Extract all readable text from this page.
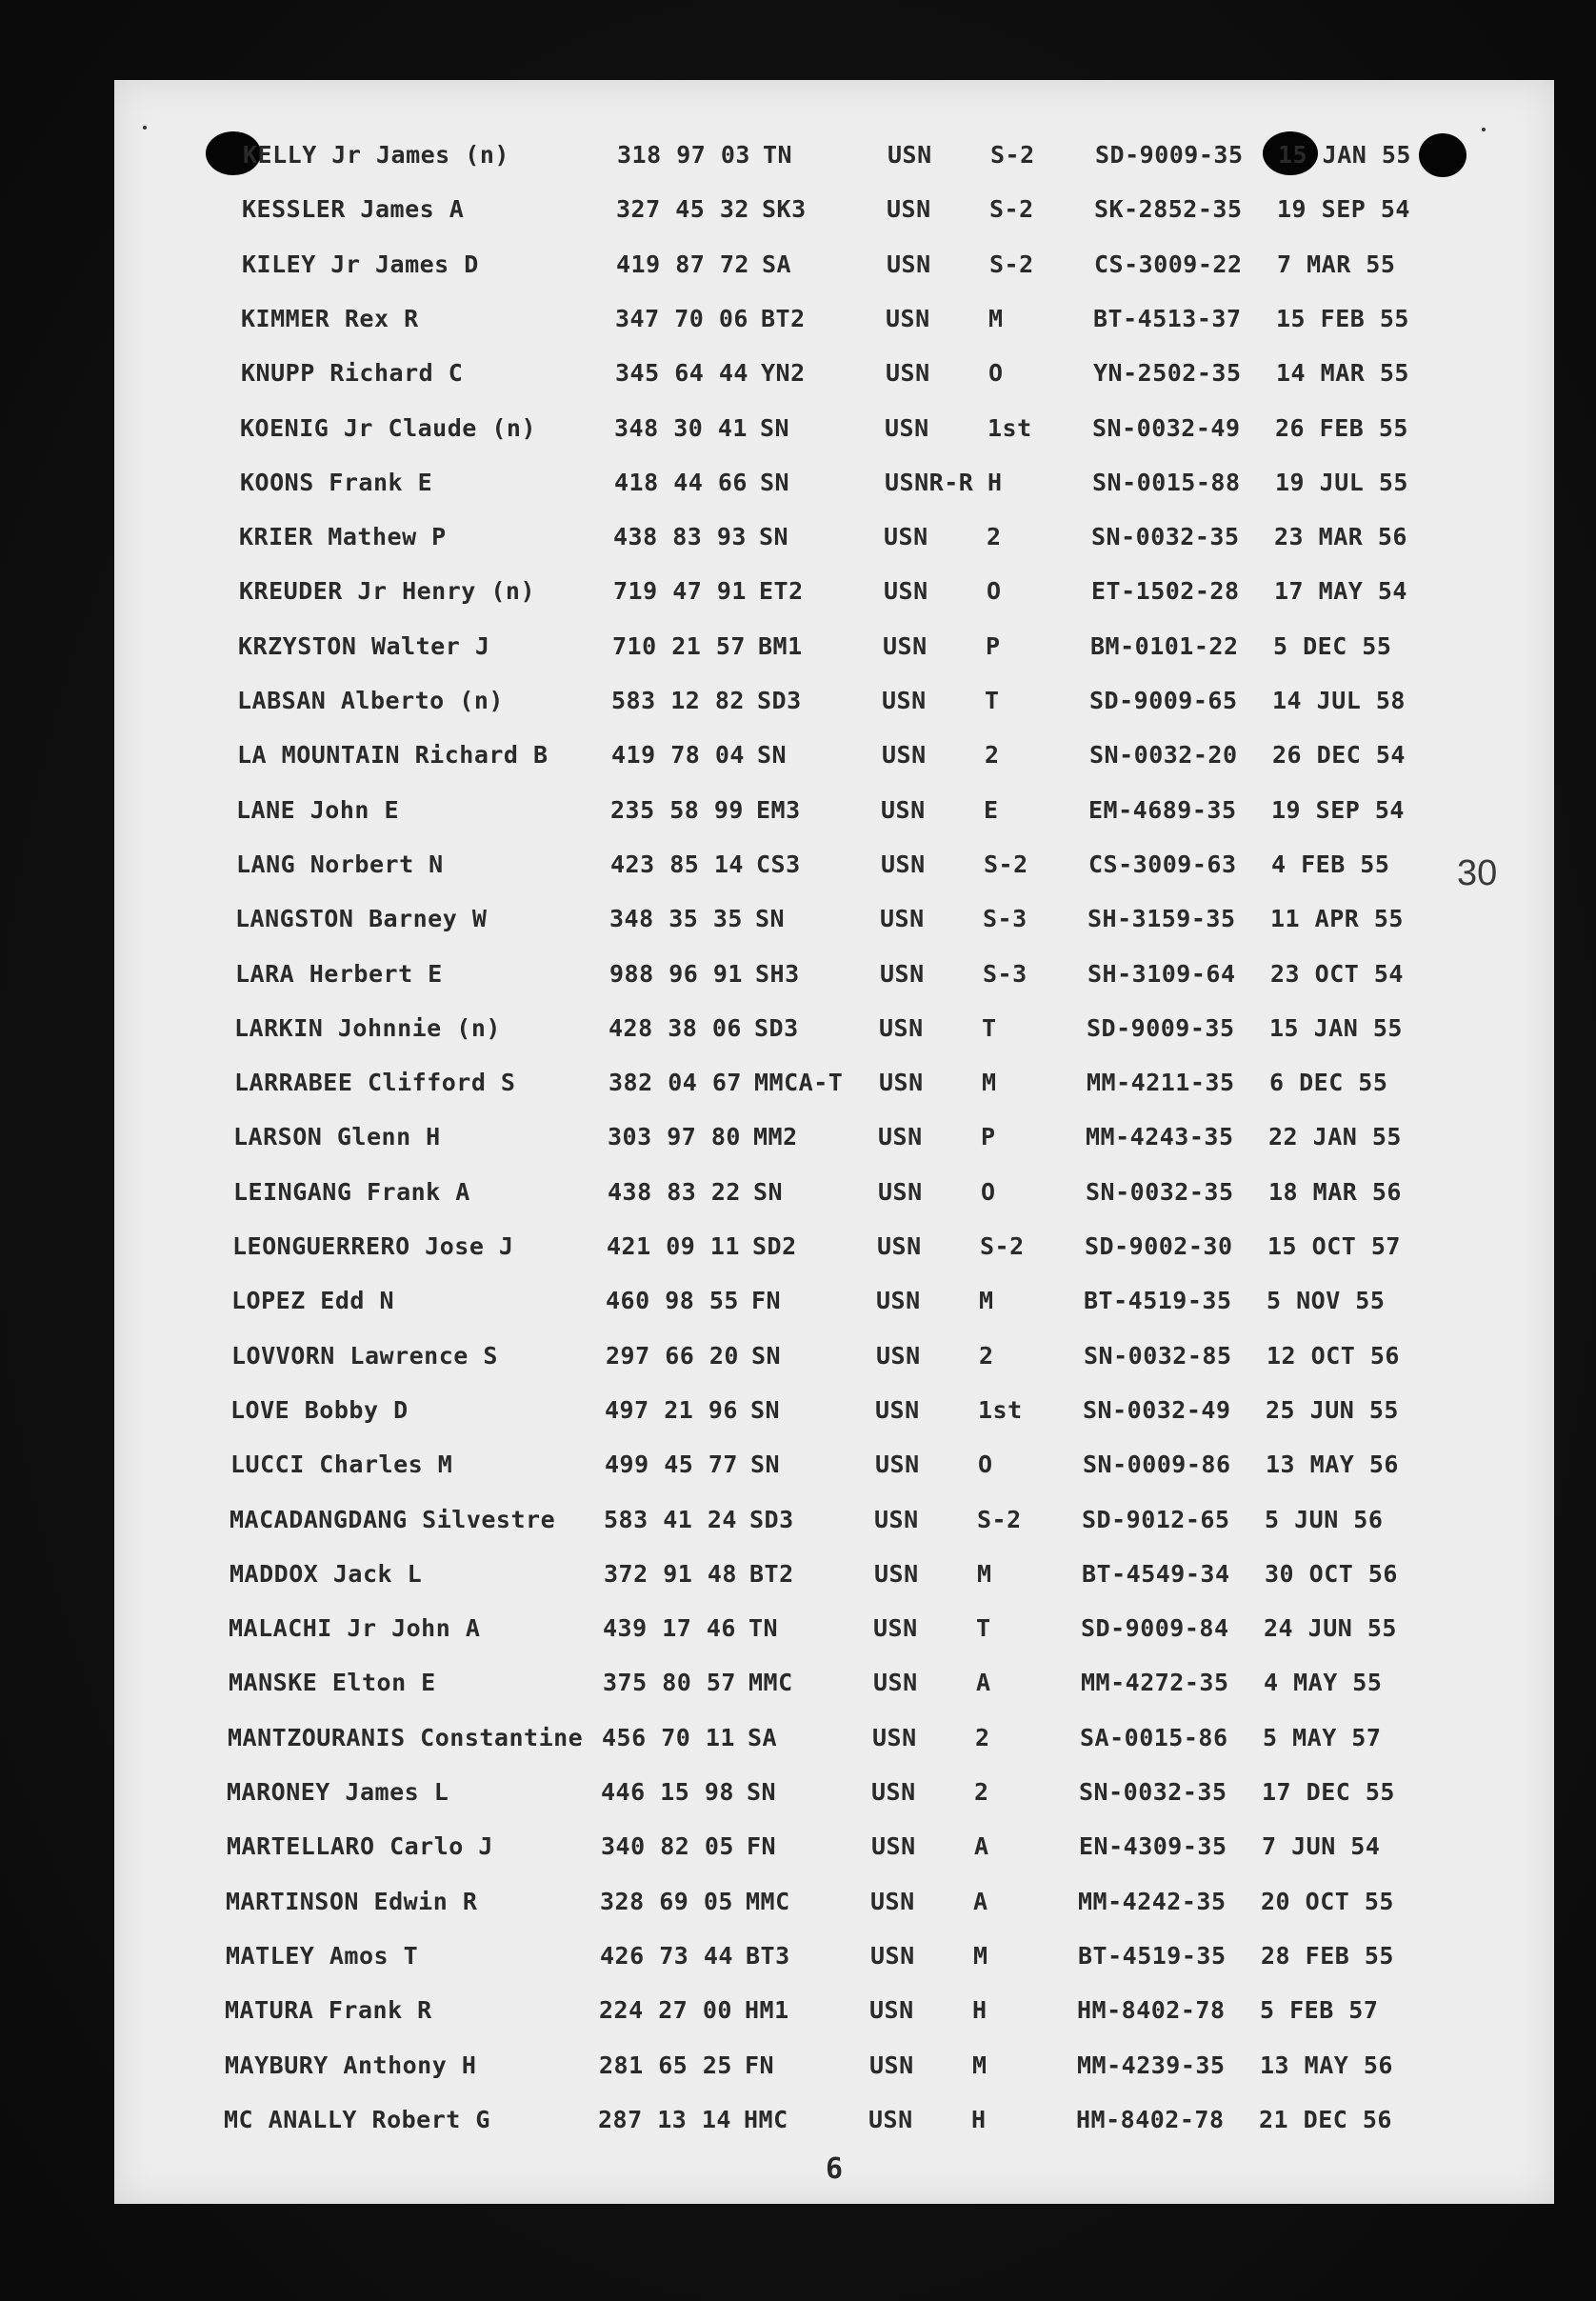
KELLY Jr James (n)	318 97 03 TN	USN S-2	SD-9009-35 15 JAN 55
KESSLER James A	327 45 32 SK3	USN S-2	SK-2852-35 19 SEP 54
KILEY Jr James D	419 87 72 SA	USN S-2	CS-3009-22 7 MAR 55
KIMMER Rex R	347 70 06 BT2	USN M	BT-4513-37 15 FEB 55
KNUPP Richard C	345 64 44 YN2	USN O	YN-2502-35 14 MAR 55
KOENIG Jr Claude (n)	348 30 41 SN	USN 1st	SN-0032-49 26 FEB 55
KOONS Frank E	418 44 66 SN	USNR-R H	SN-0015-88 19 JUL 55
KRIER Mathew P	438 83 93 SN	USN 2	SN-0032-35 23 MAR 56
KREUDER Jr Henry (n)	719 47 91 ET2	USN O	ET-1502-28 17 MAY 54
KRZYSTON Walter J	710 21 57 BM1	USN P	BM-0101-22 5 DEC 55
LABSAN Alberto (n)	583 12 82 SD3	USN T	SD-9009-65 14 JUL 58
LA MOUNTAIN Richard B	419 78 04 SN	USN 2	SN-0032-20 26 DEC 54
LANE John E	235 58 99 EM3	USN E	EM-4689-35 19 SEP 54
LANG Norbert N	423 85 14 CS3	USN S-2	CS-3009-63 4 FEB 55
LANGSTON Barney W	348 35 35 SN	USN S-3	SH-3159-35 11 APR 55
LARA Herbert E	988 96 91 SH3	USN S-3	SH-3109-64 23 OCT 54
LARKIN Johnnie (n)	428 38 06 SD3	USN T	SD-9009-35 15 JAN 55
LARRABEE Clifford S	382 04 67 MMCA-T USN M	MM-4211-35 6 DEC 55
LARSON Glenn H	303 97 80 MM2	USN P	MM-4243-35 22 JAN 55
LEINGANG Frank A	438 83 22 SN	USN O	SN-0032-35 18 MAR 56
LEONGUERRERO Jose J	421 09 11 SD2	USN S-2	SD-9002-30 15 OCT 57
LOPEZ Edd N	460 98 55 FN	USN M	BT-4519-35 5 NOV 55
LOVVORN Lawrence S	297 66 20 SN	USN 2	SN-0032-85 12 OCT 56
LOVE Bobby D	497 21 96 SN	USN 1st	SN-0032-49 25 JUN 55
LUCCI Charles M	499 45 77 SN	USN O	SN-0009-86 13 MAY 56
MACADANGDANG Silvestre 583 41 24 SD3	USN S-2	SD-9012-65 5 JUN 56
MADDOX Jack L	372 91 48 BT2	USN M	BT-4549-34 30 OCT 56
MALACHI Jr John A	439 17 46 TN	USN T	SD-9009-84 24 JUN 55
MANSKE Elton E	375 80 57 MMC	USN A	MM-4272-35 4 MAY 55
MANTZOURANIS Constantine 456 70 11 SA	USN 2	SA-0015-86 5 MAY 57
MARONEY James L	446 15 98 SN	USN 2	SN-0032-35 17 DEC 55
MARTELLARO Carlo J	340 82 05 FN	USN A	EN-4309-35 7 JUN 54
MARTINSON Edwin R	328 69 05 MMC	USN A	MM-4242-35 20 OCT 55
MATLEY Amos T	426 73 44 BT3	USN M	BT-4519-35 28 FEB 55
MATURA Frank R	224 27 00 HM1	USN H	HM-8402-78 5 FEB 57
MAYBURY Anthony H	281 65 25 FN	USN M	MM-4239-35 13 MAY 56
MC ANALLY Robert G	287 13 14 HMC	USN H	HM-8402-78 21 DEC 56
30
6
